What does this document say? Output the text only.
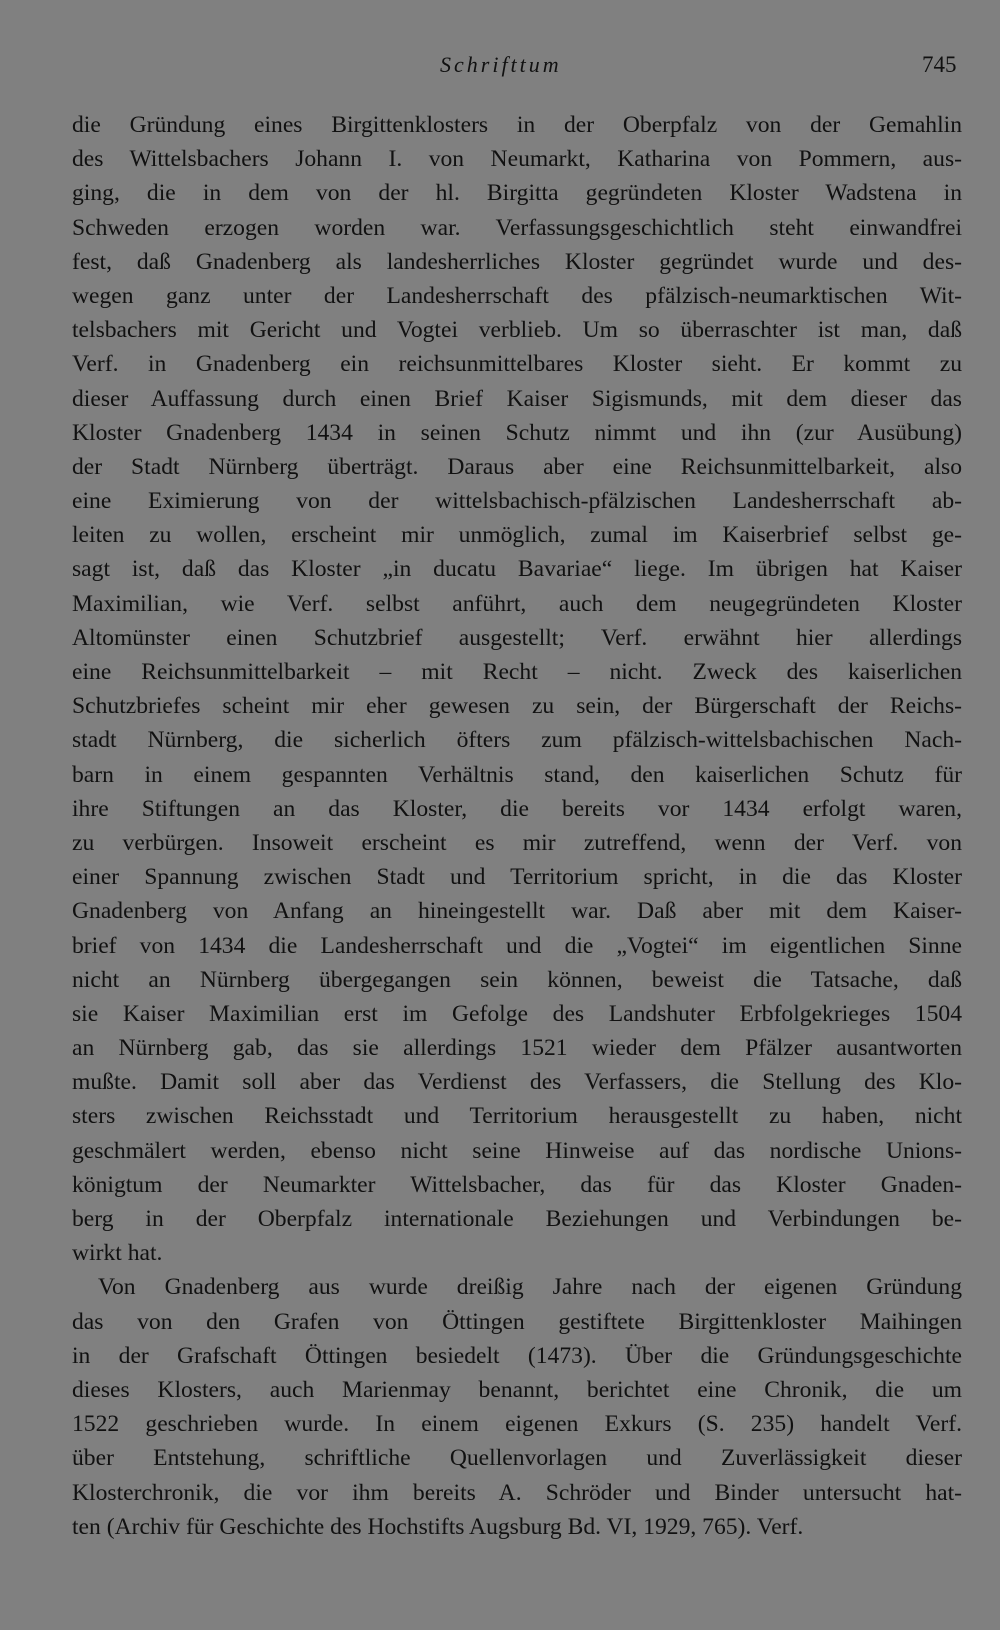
Schrifttum	745
die Gründung eines Birgittenklosters in der Oberpfalz von der Gemahlin
des Wittelsbachers Johann I. von Neumarkt, Katharina von Pommern, aus-
ging, die in dem von der hl. Birgitta gegründeten Kloster Wadstena in
Schweden erzogen worden war. Verfassungsgeschichtlich steht einwandfrei
fest, daß Gnadenberg als landesherrliches Kloster gegründet wurde und des-
wegen ganz unter der Landesherrschaft des pfälzisch-neumarktischen Wit-
telsbachers mit Gericht und Vogtei verblieb. Um so überraschter ist man, daß
Verf. in Gnadenberg ein reichsunmittelbares Kloster sieht. Er kommt zu
dieser Auffassung durch einen Brief Kaiser Sigismunds, mit dem dieser das
Kloster Gnadenberg 1434 in seinen Schutz nimmt und ihn (zur Ausübung)
der Stadt Nürnberg überträgt. Daraus aber eine Reichsunmittelbarkeit, also
eine Eximierung von der wittelsbachisch-pfälzischen Landesherrschaft ab-
leiten zu wollen, erscheint mir unmöglich, zumal im Kaiserbrief selbst ge-
sagt ist, daß das Kloster „in ducatu Bavariae“ liege. Im übrigen hat Kaiser
Maximilian, wie Verf. selbst anführt, auch dem neugegründeten Kloster
Altomünster einen Schutzbrief ausgestellt; Verf. erwähnt hier allerdings
eine Reichsunmittelbarkeit – mit Recht – nicht. Zweck des kaiserlichen
Schutzbriefes scheint mir eher gewesen zu sein, der Bürgerschaft der Reichs-
stadt Nürnberg, die sicherlich öfters zum pfälzisch-wittelsbachischen Nach-
barn in einem gespannten Verhältnis stand, den kaiserlichen Schutz für
ihre Stiftungen an das Kloster, die bereits vor 1434 erfolgt waren,
zu verbürgen. Insoweit erscheint es mir zutreffend, wenn der Verf. von
einer Spannung zwischen Stadt und Territorium spricht, in die das Kloster
Gnadenberg von Anfang an hineingestellt war. Daß aber mit dem Kaiser-
brief von 1434 die Landesherrschaft und die „Vogtei“ im eigentlichen Sinne
nicht an Nürnberg übergegangen sein können, beweist die Tatsache, daß
sie Kaiser Maximilian erst im Gefolge des Landshuter Erbfolgekrieges 1504
an Nürnberg gab, das sie allerdings 1521 wieder dem Pfälzer ausantworten
mußte. Damit soll aber das Verdienst des Verfassers, die Stellung des Klo-
sters zwischen Reichsstadt und Territorium herausgestellt zu haben, nicht
geschmälert werden, ebenso nicht seine Hinweise auf das nordische Unions-
königtum der Neumarkter Wittelsbacher, das für das Kloster Gnaden-
berg in der Oberpfalz internationale Beziehungen und Verbindungen be-
wirkt hat.
Von Gnadenberg aus wurde dreißig Jahre nach der eigenen Gründung
das von den Grafen von Öttingen gestiftete Birgittenkloster Maihingen
in der Grafschaft Öttingen besiedelt (1473). Über die Gründungsgeschichte
dieses Klosters, auch Marienmay benannt, berichtet eine Chronik, die um
1522 geschrieben wurde. In einem eigenen Exkurs (S. 235) handelt Verf.
über Entstehung, schriftliche Quellenvorlagen und Zuverlässigkeit dieser
Klosterchronik, die vor ihm bereits A. Schröder und Binder untersucht hat-
ten (Archiv für Geschichte des Hochstifts Augsburg Bd. VI, 1929, 765). Verf.
